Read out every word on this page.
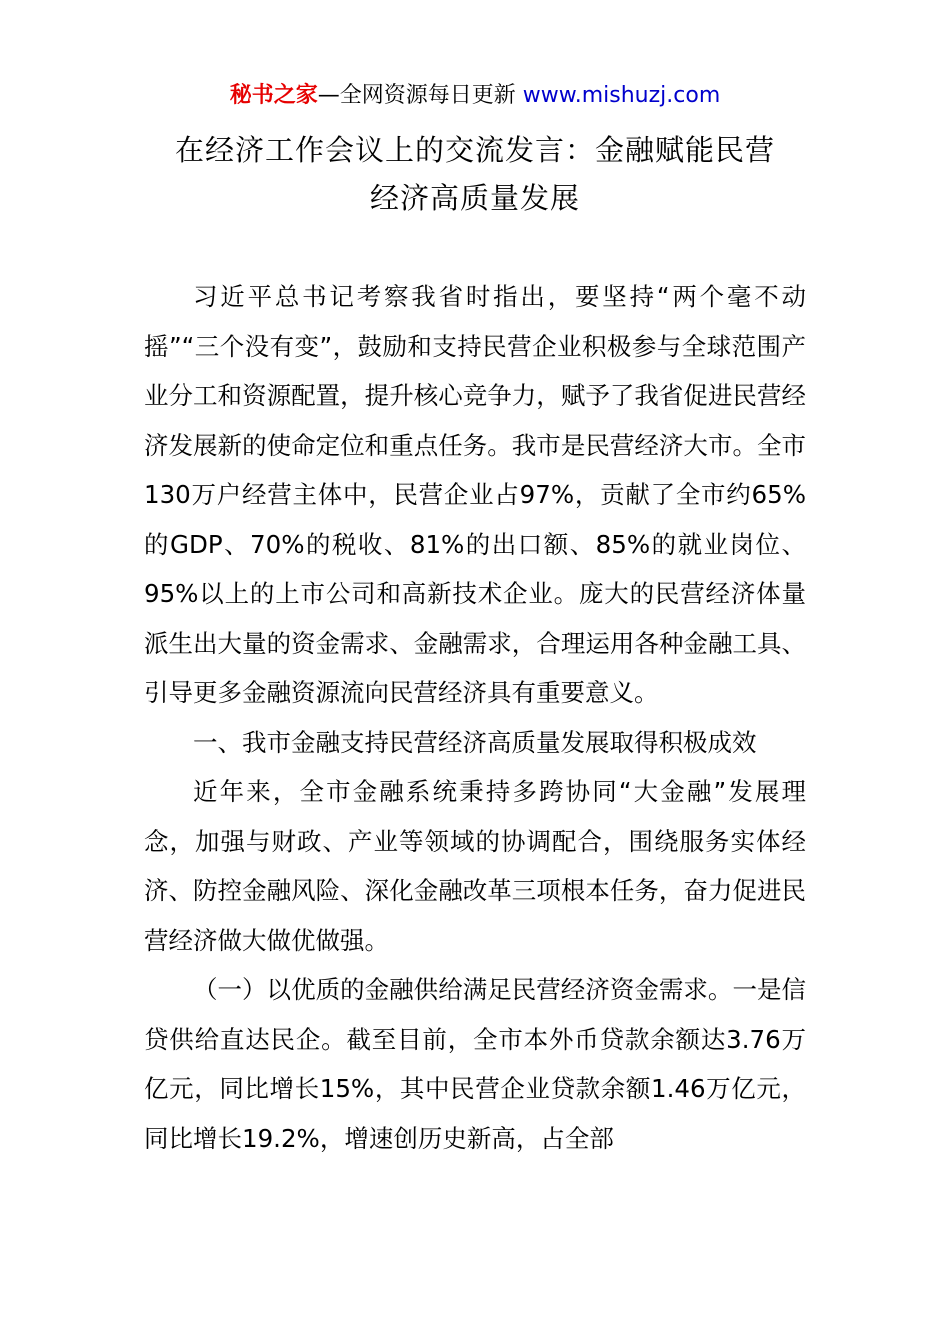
秘书之家—全网资源每日更新 www.mishuzj.com
在经济工作会议上的交流发言：金融赋能民营
经济高质量发展

习近平总书记考察我省时指出，要坚持“两个毫不动摇”“三个没有变”，鼓励和支持民营企业积极参与全球范围产业分工和资源配置，提升核心竞争力，赋予了我省促进民营经济发展新的使命定位和重点任务。我市是民营经济大市。全市130万户经营主体中，民营企业占97%，贡献了全市约65%的GDP、70%的税收、81%的出口额、85%的就业岗位、95%以上的上市公司和高新技术企业。庞大的民营经济体量派生出大量的资金需求、金融需求，合理运用各种金融工具、引导更多金融资源流向民营经济具有重要意义。

一、我市金融支持民营经济高质量发展取得积极成效

近年来，全市金融系统秉持多跨协同“大金融”发展理念，加强与财政、产业等领域的协调配合，围绕服务实体经济、防控金融风险、深化金融改革三项根本任务，奋力促进民营经济做大做优做强。

（一）以优质的金融供给满足民营经济资金需求。一是信贷供给直达民企。截至目前，全市本外币贷款余额达3.76万亿元，同比增长15%，其中民营企业贷款余额1.46万亿元，同比增长19.2%，增速创历史新高，占全部
